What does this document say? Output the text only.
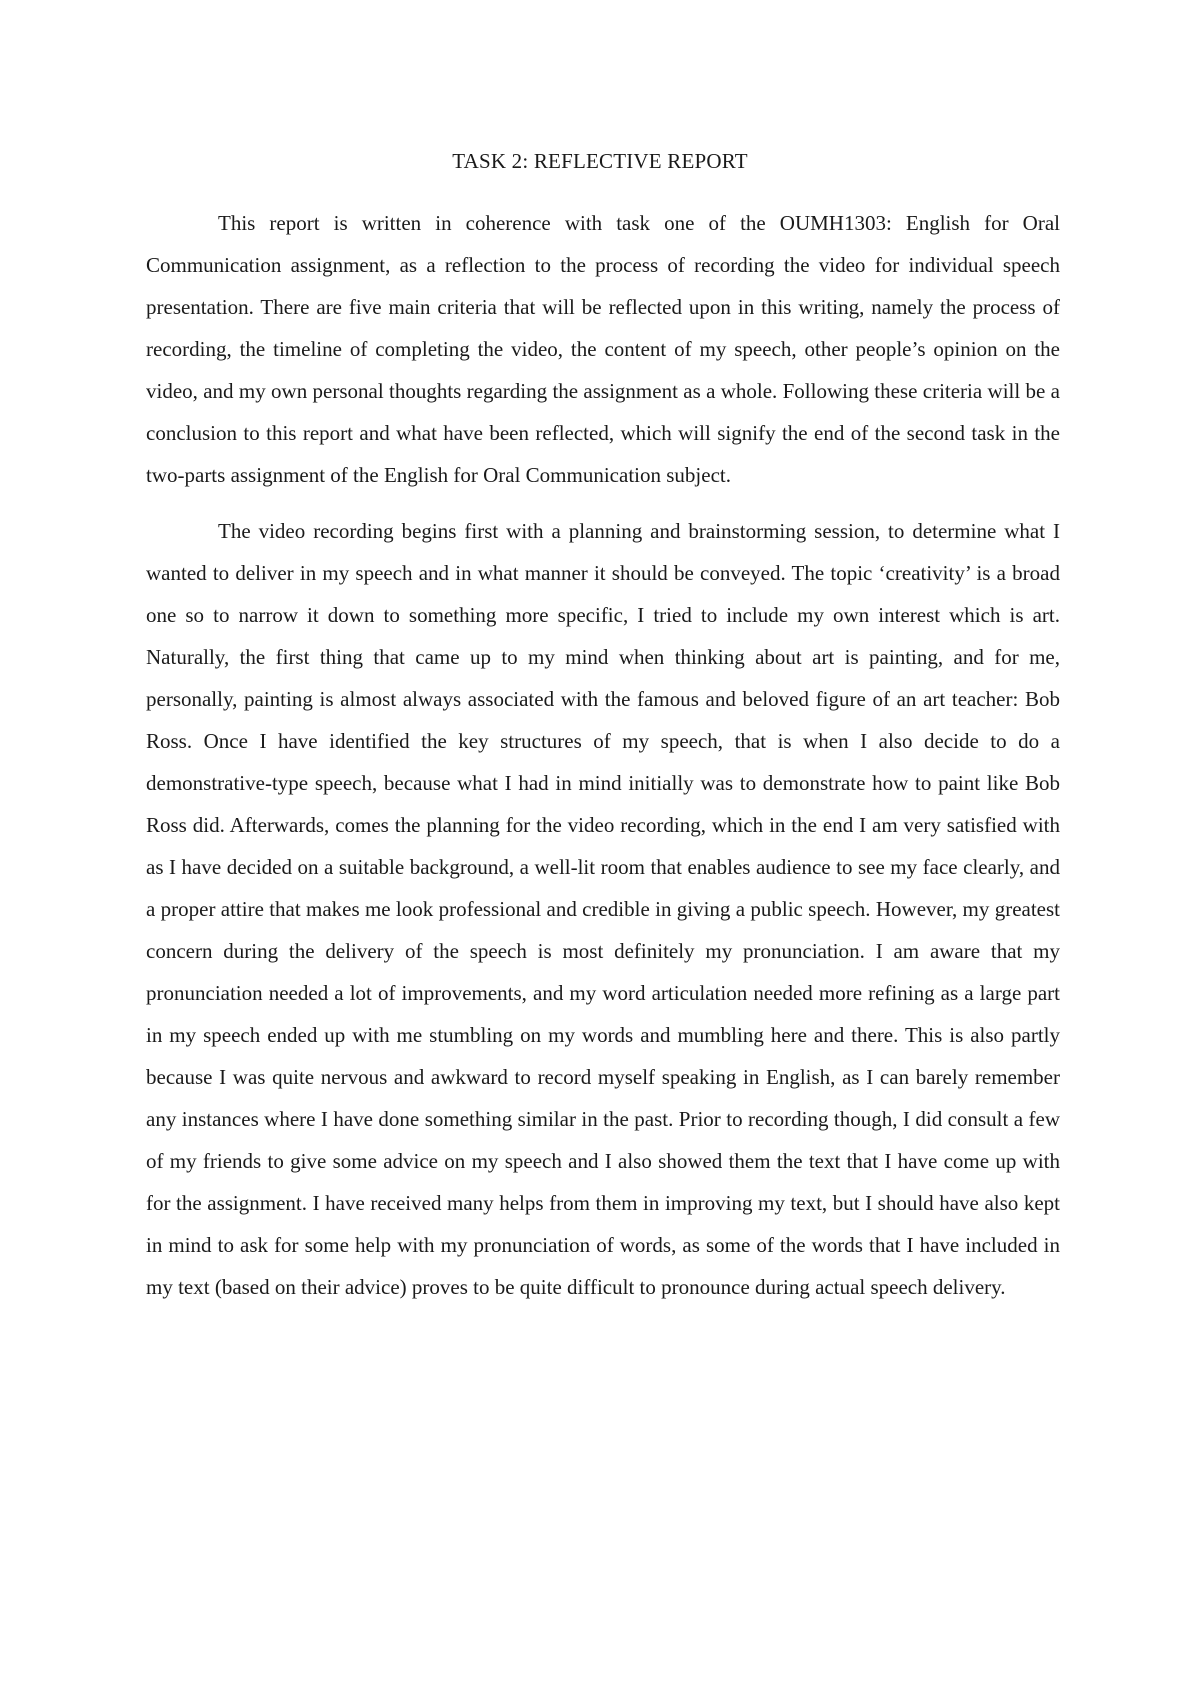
TASK 2: REFLECTIVE REPORT

This report is written in coherence with task one of the OUMH1303: English for Oral Communication assignment, as a reflection to the process of recording the video for individual speech presentation. There are five main criteria that will be reflected upon in this writing, namely the process of recording, the timeline of completing the video, the content of my speech, other people’s opinion on the video, and my own personal thoughts regarding the assignment as a whole. Following these criteria will be a conclusion to this report and what have been reflected, which will signify the end of the second task in the two-parts assignment of the English for Oral Communication subject.

The video recording begins first with a planning and brainstorming session, to determine what I wanted to deliver in my speech and in what manner it should be conveyed. The topic ‘creativity’ is a broad one so to narrow it down to something more specific, I tried to include my own interest which is art. Naturally, the first thing that came up to my mind when thinking about art is painting, and for me, personally, painting is almost always associated with the famous and beloved figure of an art teacher: Bob Ross. Once I have identified the key structures of my speech, that is when I also decide to do a demonstrative-type speech, because what I had in mind initially was to demonstrate how to paint like Bob Ross did. Afterwards, comes the planning for the video recording, which in the end I am very satisfied with as I have decided on a suitable background, a well-lit room that enables audience to see my face clearly, and a proper attire that makes me look professional and credible in giving a public speech. However, my greatest concern during the delivery of the speech is most definitely my pronunciation. I am aware that my pronunciation needed a lot of improvements, and my word articulation needed more refining as a large part in my speech ended up with me stumbling on my words and mumbling here and there. This is also partly because I was quite nervous and awkward to record myself speaking in English, as I can barely remember any instances where I have done something similar in the past. Prior to recording though, I did consult a few of my friends to give some advice on my speech and I also showed them the text that I have come up with for the assignment. I have received many helps from them in improving my text, but I should have also kept in mind to ask for some help with my pronunciation of words, as some of the words that I have included in my text (based on their advice) proves to be quite difficult to pronounce during actual speech delivery.
